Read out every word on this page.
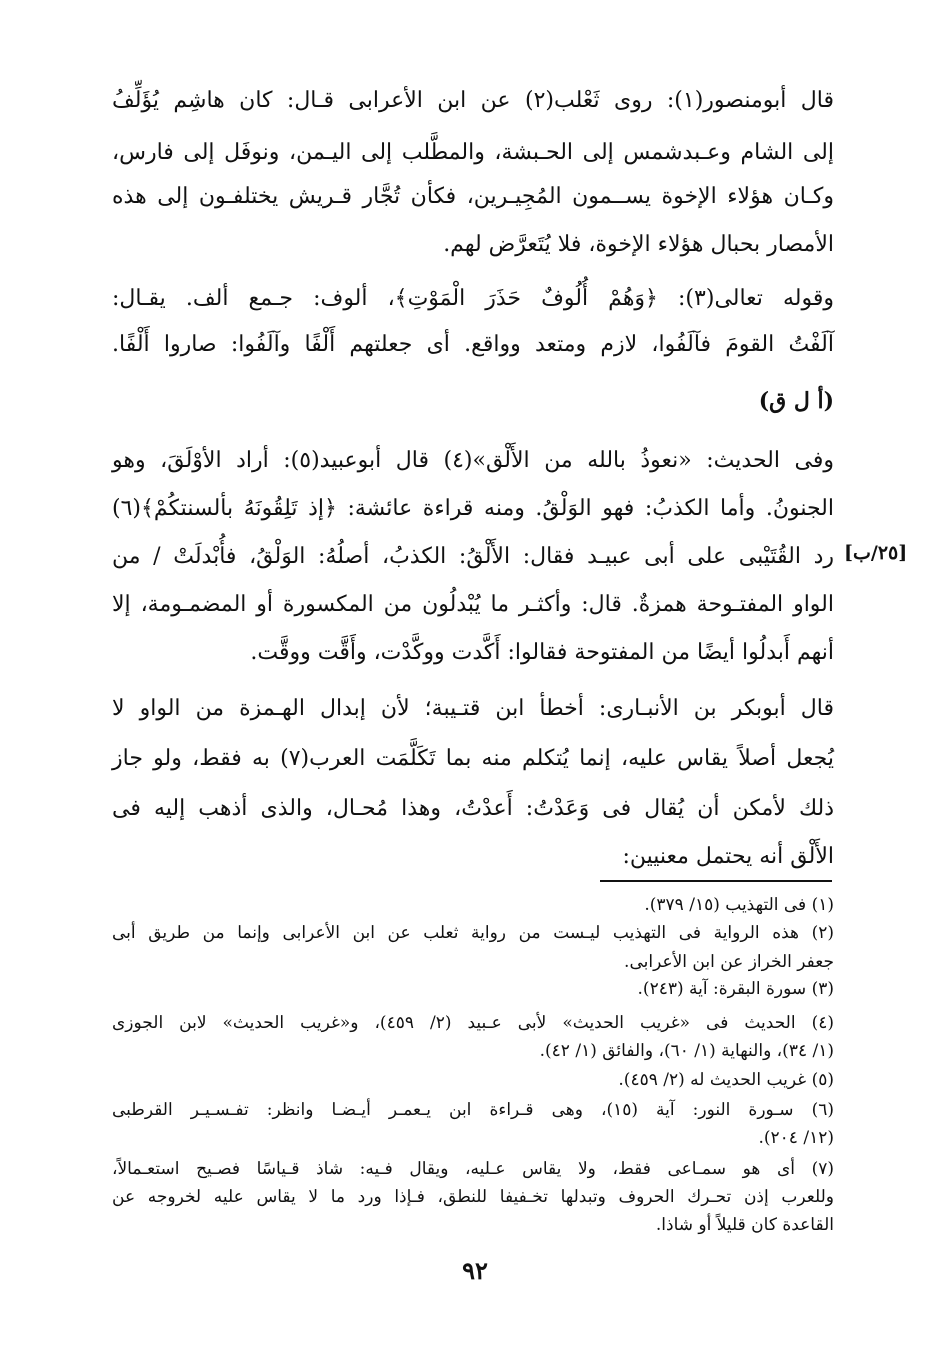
قال أبومنصور(١): روى ثَعْلب(٢) عن ابن الأعرابى قـال: كان هاشِم يُؤَلِّفُ
إلى الشام وعـبدشمس إلى الحـبشة، والمطَّلب إلى اليـمن، ونوفَل إلى فارس،
وكـان هؤلاء الإخوة يســمون المُجِيـرين، فكأن تُجَّار قـريش يختلفـون إلى هذه
الأمصار بحبال هؤلاء الإخوة، فلا يُتَعرَّض لهم.
وقوله تعالى(٣): ﴿وَهُمْ أُلُوفٌ حَذَرَ الْمَوْتِ﴾، ألوف: جـمع ألف. يقـال:
آلَفْتُ القومَ فآلَفُوا، لازم ومتعد وواقع. أى جعلتهم أَلْفًا وآلَفُوا: صاروا أَلْفًا.
(أ ل ق)
وفى الحديث: «نعوذُ بالله من الأَلْق»(٤) قال أبوعبيد(٥): أراد الأوْلَقَ، وهو
الجنونُ. وأما الكذبُ: فهو الوَلْقُ. ومنه قراءة عائشة: ﴿إذ تَلِقُونَهُ بألسنتكُمْ﴾(٦)
رد القُتَيْبى على أبى عبيـد فقال: الأَلْقُ: الكذبُ، أصلُهُ: الوَلْقُ، فأُبْدلَتْ / من
الواو المفتـوحة همزةٌ. قال: وأكثـر ما يُبْدلُون من المكسورة أو المضمـومة، إلا
أنهم أَبدلُوا أيضًا من المفتوحة فقالوا: أَكَّدت ووكَّدْت، وأَقَّت ووقَّت.
قال أبوبكر بن الأنبـارى: أخطأ ابن قتـيبة؛ لأن إبدال الهـمزة من الواو لا
يُجعل أصلاً يقاس عليه، إنما يُتكلم منه بما تَكَلَّمَت العرب(٧) به فقط، ولو جاز
ذلك لأمكن أن يُقال فى وَعَدْتُ: أَعدْتُ، وهذا مُحـال، والذى أذهب إليه فى
الأَلْق أنه يحتمل معنيين:
[٢٥/ب]
(١) فى التهذيب (١٥/ ٣٧٩).
(٢) هذه الرواية فى التهذيب ليـست من رواية ثعلب عن ابن الأعرابى وإنما من طريق أبى
جعفر الخراز عن ابن الأعرابى.
(٣) سورة البقرة: آية (٢٤٣).
(٤) الحديث فى «غريب الحديث» لأبى عـبيد (٢/ ٤٥٩)، و«غريب الحديث» لابن الجوزى
(١/ ٣٤)، والنهاية (١/ ٦٠)، والفائق (١/ ٤٢).
(٥) غريب الحديث له (٢/ ٤٥٩).
(٦) سـورة النور: آية (١٥)، وهى قـراءة ابن يـعمـر أيـضـا وانظر: تفـسـيـر القرطبى
(١٢/ ٢٠٤).
(٧) أى هو سمـاعى فقط، ولا يقاس عـليه، ويقال فـيه: شاذ قـياسًا فصـيح استعـمالاً،
وللعرب إذن تحـرك الحروف وتبدلها تخـفيفا للنطق، فـإذا ورد ما لا يقاس عليه لخروجه عن
القاعدة كان قليلاً أو شاذا.
٩٢
